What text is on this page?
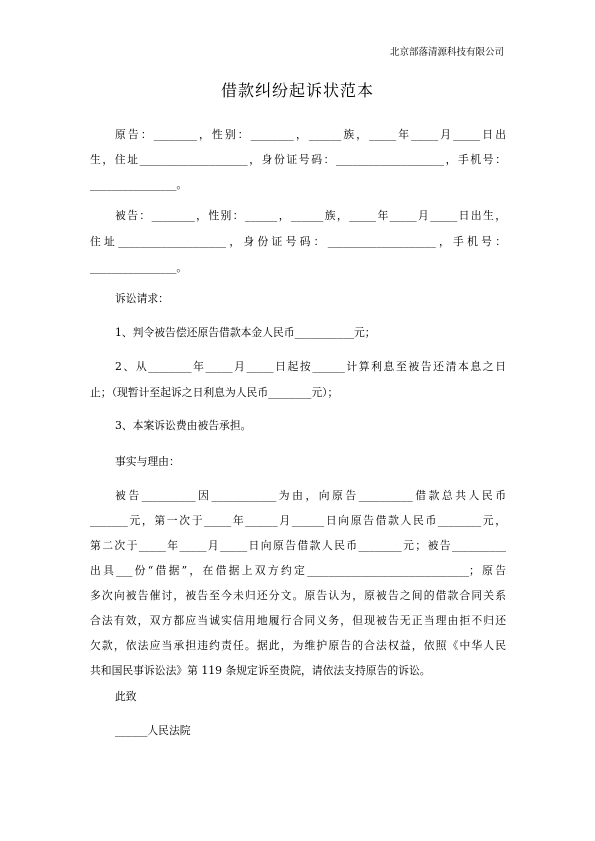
北京部落清源科技有限公司
借款纠纷起诉状范本
原告：________，性别：________，______族，_____年_____月_____日出
生，住址____________________，身份证号码：____________________，手机号：
________________。
被告：________，性别：______，______族，_____年_____月_____日出生，
住址____________________，身份证号码：____________________，手机号：
________________。
诉讼请求：
1、判令被告偿还原告借款本金人民币___________元；
2、从________年_____月_____日起按______计算利息至被告还清本息之日
止；（现暂计至起诉之日利息为人民币________元）；
3、本案诉讼费由被告承担。
事实与理由：
被告__________因____________为由，向原告__________借款总共人民币
_______元，第一次于_____年______月______日向原告借款人民币________元，
第二次于_____年_____月_____日向原告借款人民币________元；被告__________
出具___份“借据”，在借据上双方约定______________________________；原告
多次向被告催讨，被告至今未归还分文。原告认为，原被告之间的借款合同关系
合法有效，双方都应当诚实信用地履行合同义务，但现被告无正当理由拒不归还
欠款，依法应当承担违约责任。据此，为维护原告的合法权益，依照《中华人民
共和国民事诉讼法》第 119 条规定诉至贵院，请依法支持原告的诉讼。
此致
______人民法院
